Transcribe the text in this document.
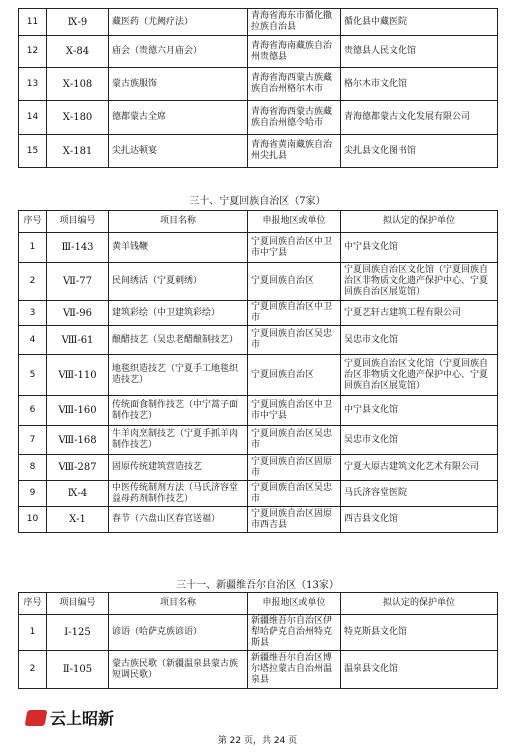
11	Ⅸ-9	藏医药（尤阙疗法）	青海省海东市循化撒拉族自治县	循化县中藏医院
12	Ⅹ-84	庙会（贵德六月庙会）	青海省海南藏族自治州贵德县	贵德县人民文化馆
13	Ⅹ-108	蒙古族服饰	青海省海西蒙古族藏族自治州格尔木市	格尔木市文化馆
14	Ⅹ-180	德都蒙古全席	青海省海西蒙古族藏族自治州德令哈市	青海德都蒙古文化发展有限公司
15	Ⅹ-181	尖扎达顿宴	青海省黄南藏族自治州尖扎县	尖扎县文化图书馆
三十、宁夏回族自治区（7家）
序号	项目编号	项目名称	申报地区或单位	拟认定的保护单位
1	Ⅲ-143	黄羊钱鞭	宁夏回族自治区中卫市中宁县	中宁县文化馆
2	Ⅶ-77	民间绣活（宁夏刺绣）	宁夏回族自治区	宁夏回族自治区文化馆（宁夏回族自治区非物质文化遗产保护中心、宁夏回族自治区展览馆）
3	Ⅶ-96	建筑彩绘（中卫建筑彩绘）	宁夏回族自治区中卫市	宁夏艺轩古建筑工程有限公司
4	Ⅷ-61	酿醋技艺（吴忠老醋酿制技艺）	宁夏回族自治区吴忠市	吴忠市文化馆
5	Ⅷ-110	地毯织造技艺（宁夏手工地毯织造技艺）	宁夏回族自治区	宁夏回族自治区文化馆（宁夏回族自治区非物质文化遗产保护中心、宁夏回族自治区展览馆）
6	Ⅷ-160	传统面食制作技艺（中宁蒿子面制作技艺）	宁夏回族自治区中卫市中宁县	中宁县文化馆
7	Ⅷ-168	牛羊肉烹制技艺（宁夏手抓羊肉制作技艺）	宁夏回族自治区吴忠市	吴忠市文化馆
8	Ⅷ-287	固原传统建筑营造技艺	宁夏回族自治区固原市	宁夏大原古建筑文化艺术有限公司
9	Ⅸ-4	中医传统制剂方法（马氏济容堂益母药剂制作技艺）	宁夏回族自治区吴忠市	马氏济容堂医院
10	Ⅹ-1	春节（六盘山区春官送福）	宁夏回族自治区固原市西吉县	西吉县文化馆
三十一、新疆维吾尔自治区（13家）
序号	项目编号	项目名称	申报地区或单位	拟认定的保护单位
1	Ⅰ-125	谚语（哈萨克族谚语）	新疆维吾尔自治区伊犁哈萨克自治州特克斯县	特克斯县文化馆
2	Ⅱ-105	蒙古族民歌（新疆温泉县蒙古族短调民歌）	新疆维吾尔自治区博尔塔拉蒙古自治州温泉县	温泉县文化馆
云上昭新
第 22 页，共 24 页
